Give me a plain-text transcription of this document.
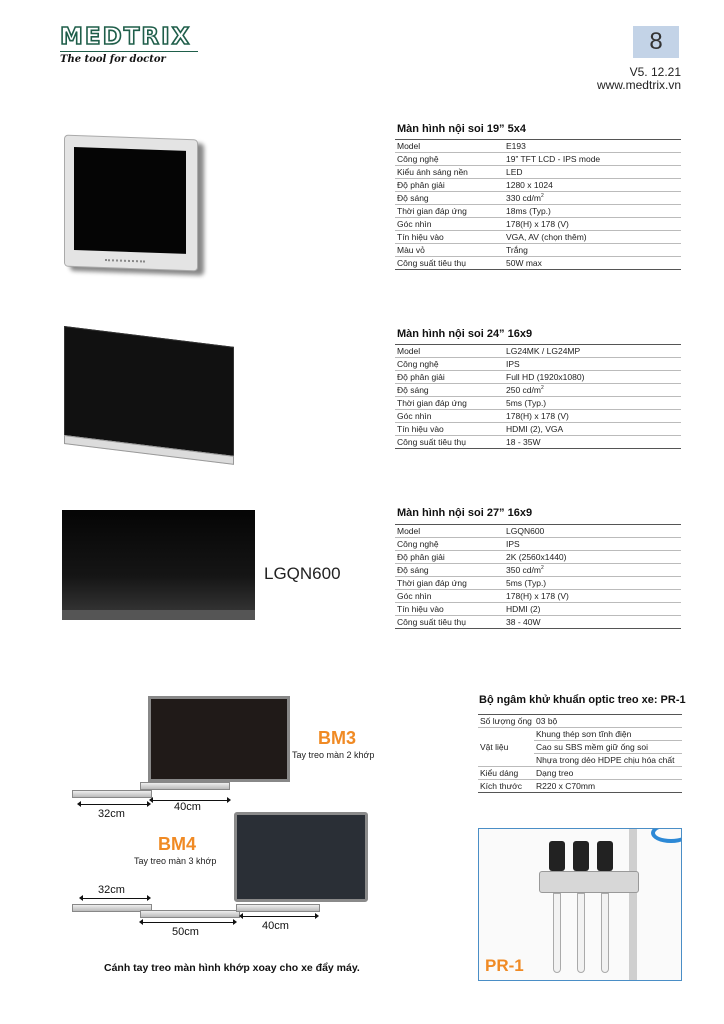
MEDTRIX
The tool for doctor
8
V5. 12.21
www.medtrix.vn
Màn hình nội soi 19” 5x4
Model	E193
Công nghệ	19” TFT LCD - IPS mode
Kiểu ánh sáng nền	LED
Độ phân giải	1280 x 1024
Độ sáng	330 $cd/m^2$
Thời gian đáp ứng	18ms (Typ.)
Góc nhìn	178(H) x 178 (V)
Tín hiệu vào	VGA, AV (chọn thêm)
Màu vỏ	Trắng
Công suất tiêu thụ	50W max
Màn hình nội soi 24” 16x9
Model	LG24MK / LG24MP
Công nghệ	IPS
Độ phân giải	Full HD (1920x1080)
Độ sáng	250 $cd/m^2$
Thời gian đáp ứng	5ms (Typ.)
Góc nhìn	178(H) x 178 (V)
Tín hiệu vào	HDMI (2), VGA
Công suất tiêu thụ	18 - 35W
LGQN600
Màn hình nội soi 27” 16x9
Model	LGQN600
Công nghệ	IPS
Độ phân giải	2K (2560x1440)
Độ sáng	350 $cd/m^2$
Thời gian đáp ứng	5ms (Typ.)
Góc nhìn	178(H) x 178 (V)
Tín hiệu vào	HDMI (2)
Công suất tiêu thụ	38 - 40W
BM3
Tay treo màn 2 khớp
32cm
40cm
BM4
Tay treo màn 3 khớp
32cm
50cm	40cm
Cánh tay treo màn hình khớp xoay cho xe đẩy máy.
Bộ ngâm khử khuẩn optic treo xe: PR-1
Số lượng ống	03 bộ
Vật liệu	Khung thép sơn tĩnh điện
	Cao su SBS mềm giữ ống soi
	Nhựa trong dẻo HDPE chịu hóa chất
Kiểu dáng	Dạng treo
Kích thước	R220 x C70mm
PR-1
